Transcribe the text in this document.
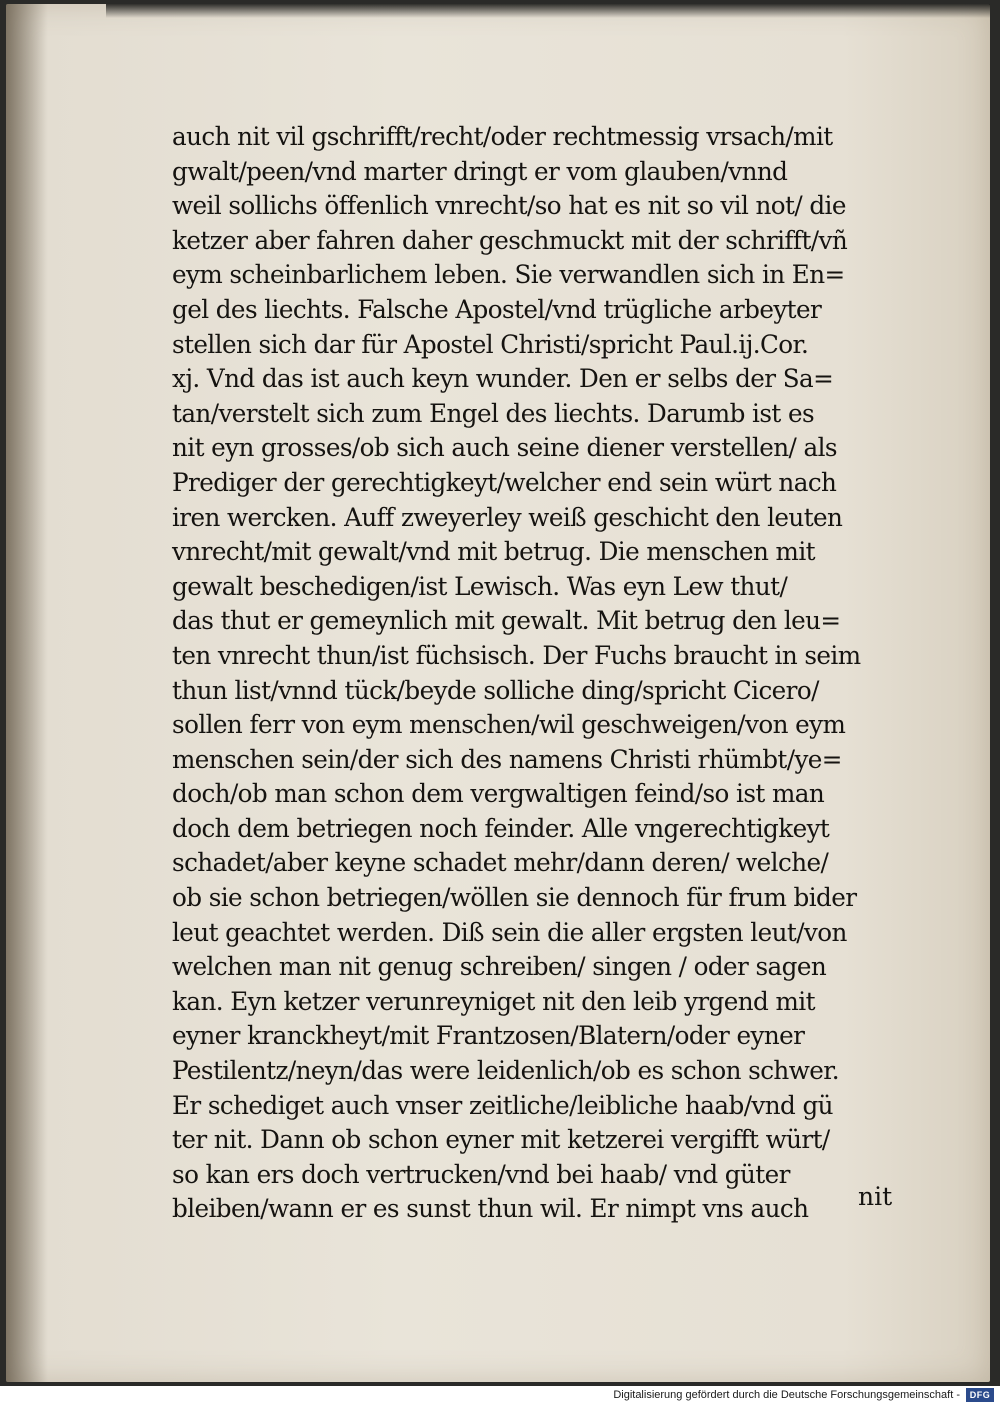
auch nit vil gschrifft/recht/oder rechtmessig vrsach/mit
gwalt/peen/vnd marter dringt er vom glauben/vnnd
weil sollichs öffenlich vnrecht/so hat es nit so vil not/ die
ketzer aber fahren daher geschmuckt mit der schrifft/vñ
eym scheinbarlichem leben. Sie verwandlen sich in En=
gel des liechts. Falsche Apostel/vnd trügliche arbeyter
stellen sich dar für Apostel Christi/spricht Paul.ij.Cor.
xj. Vnd das ist auch keyn wunder. Den er selbs der Sa=
tan/verstelt sich zum Engel des liechts. Darumb ist es
nit eyn grosses/ob sich auch seine diener verstellen/ als
Prediger der gerechtigkeyt/welcher end sein würt nach
iren wercken. Auff zweyerley weiß geschicht den leuten
vnrecht/mit gewalt/vnd mit betrug. Die menschen mit
gewalt beschedigen/ist Lewisch. Was eyn Lew thut/
das thut er gemeynlich mit gewalt. Mit betrug den leu=
ten vnrecht thun/ist füchsisch. Der Fuchs braucht in seim
thun list/vnnd tück/beyde solliche ding/spricht Cicero/
sollen ferr von eym menschen/wil geschweigen/von eym
menschen sein/der sich des namens Christi rhümbt/ye=
doch/ob man schon dem vergwaltigen feind/so ist man
doch dem betriegen noch feinder. Alle vngerechtigkeyt
schadet/aber keyne schadet mehr/dann deren/ welche/
ob sie schon betriegen/wöllen sie dennoch für frum bider
leut geachtet werden. Diß sein die aller ergsten leut/von
welchen man nit genug schreiben/ singen / oder sagen
kan. Eyn ketzer verunreyniget nit den leib yrgend mit
eyner kranckheyt/mit Frantzosen/Blatern/oder eyner
Pestilentz/neyn/das were leidenlich/ob es schon schwer.
Er schediget auch vnser zeitliche/leibliche haab/vnd gü
ter nit. Dann ob schon eyner mit ketzerei vergifft würt/
so kan ers doch vertrucken/vnd bei haab/ vnd güter
bleiben/wann er es sunst thun wil. Er nimpt vns auch	nit
Digitalisierung gefördert durch die Deutsche Forschungsgemeinschaft -	DFG
